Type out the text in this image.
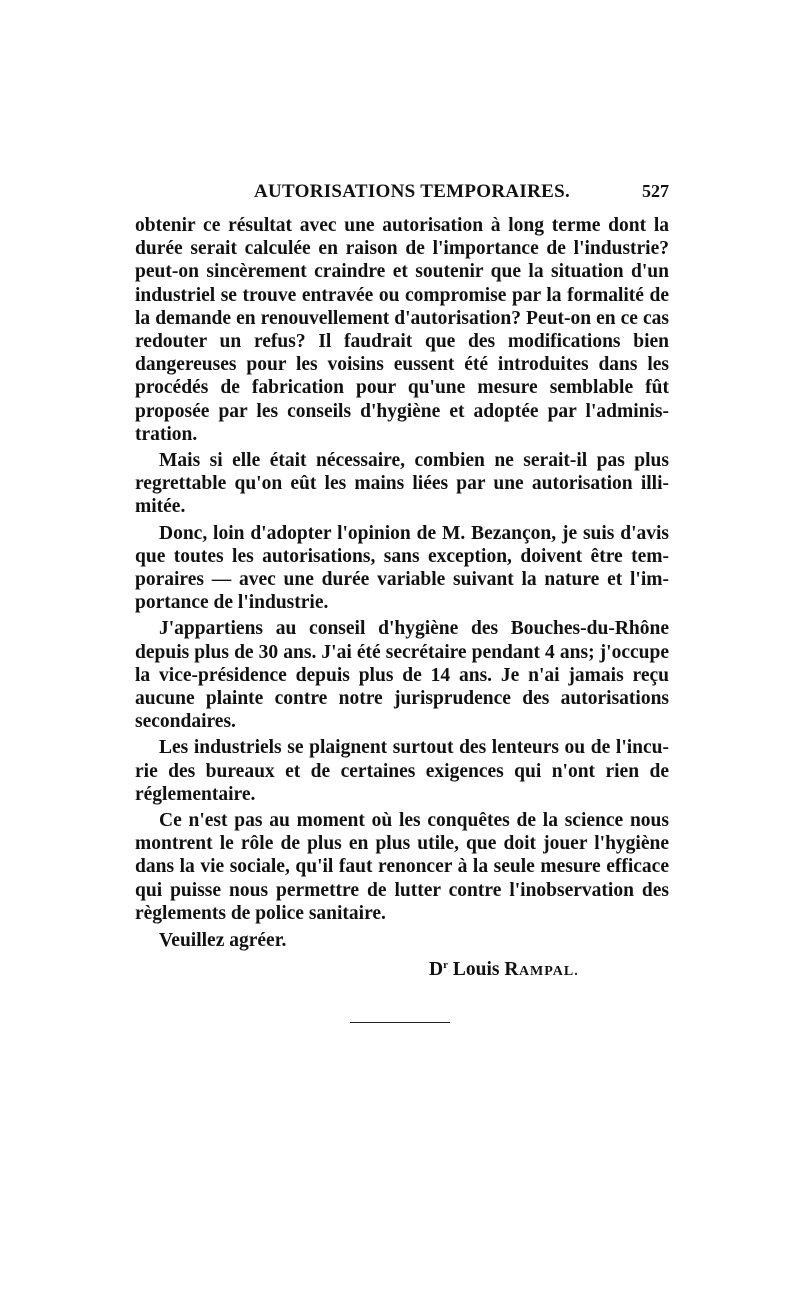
AUTORISATIONS TEMPORAIRES.	527

obtenir ce résultat avec une autorisation à long terme dont la durée serait calculée en raison de l'importance de l'industrie? peut-on sincèrement craindre et soutenir que la situation d'un industriel se trouve entravée ou compromise par la formalité de la demande en renouvellement d'autorisation? Peut-on en ce cas redouter un refus? Il faudrait que des modifications bien dangereuses pour les voisins eussent été introduites dans les procédés de fabrication pour qu'une mesure semblable fût proposée par les conseils d'hygiène et adoptée par l'administration.

Mais si elle était nécessaire, combien ne serait-il pas plus regrettable qu'on eût les mains liées par une autorisation illimitée.

Donc, loin d'adopter l'opinion de M. Bezançon, je suis d'avis que toutes les autorisations, sans exception, doivent être temporaires — avec une durée variable suivant la nature et l'importance de l'industrie.

J'appartiens au conseil d'hygiène des Bouches-du-Rhône depuis plus de 30 ans. J'ai été secrétaire pendant 4 ans; j'occupe la vice-présidence depuis plus de 14 ans. Je n'ai jamais reçu aucune plainte contre notre jurisprudence des autorisations secondaires.

Les industriels se plaignent surtout des lenteurs ou de l'incurie des bureaux et de certaines exigences qui n'ont rien de réglementaire.

Ce n'est pas au moment où les conquêtes de la science nous montrent le rôle de plus en plus utile, que doit jouer l'hygiène dans la vie sociale, qu'il faut renoncer à la seule mesure efficace qui puisse nous permettre de lutter contre l'inobservation des règlements de police sanitaire.

Veuillez agréer.

$D^r$ Louis RAMPAL.
